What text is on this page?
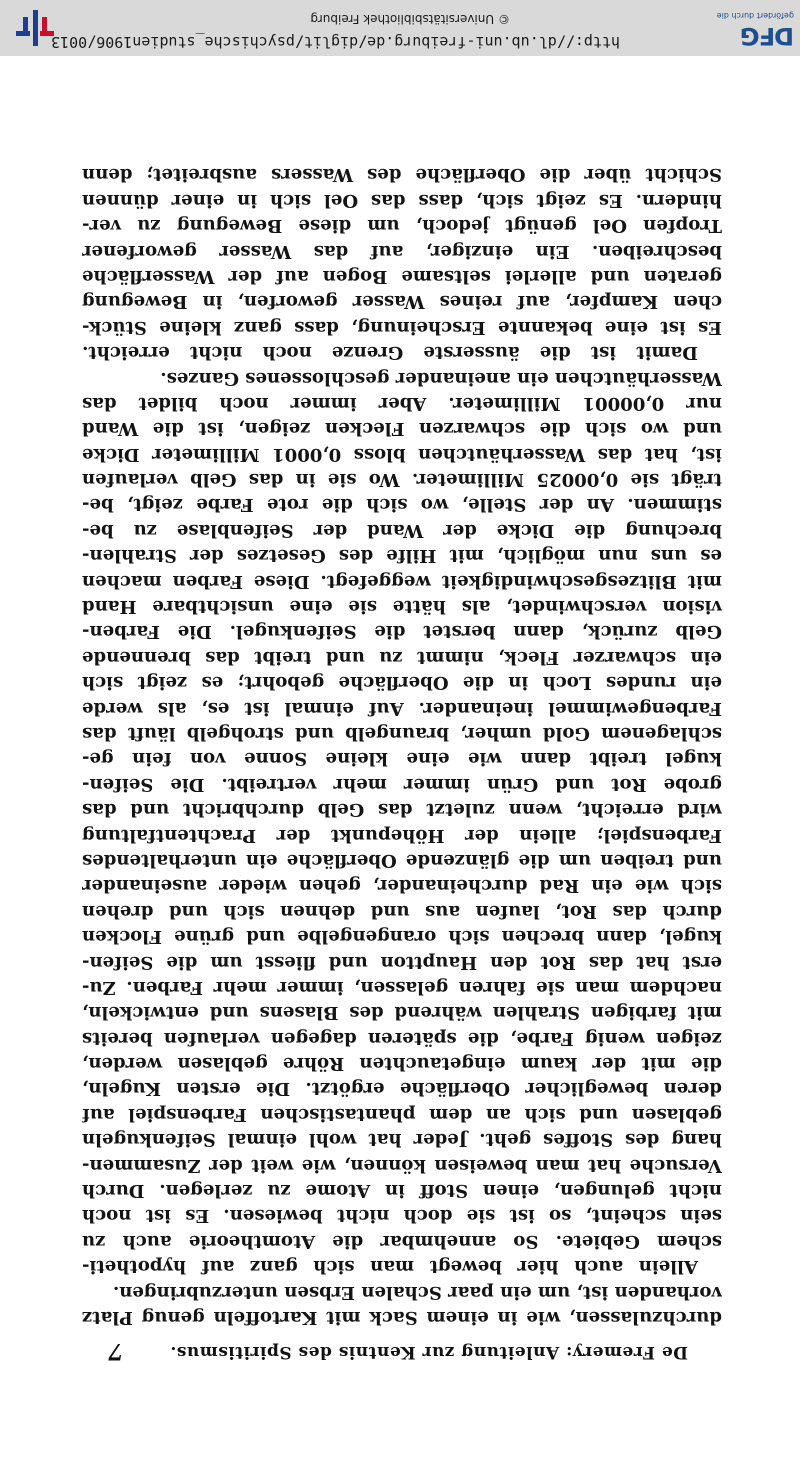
De Fremery: Anleitung zur Kentnis des Spiritismus.
7
durchzulassen, wie in einem Sack mit Kartoffeln genug Platz
vorhanden ist, um ein paar Schalen Erbsen unterzubringen.
Allein auch hier bewegt man sich ganz auf hypotheti-
schem Gebiete. So annehmbar die Atomtheorie auch zu
sein scheint, so ist sie doch nicht bewiesen. Es ist noch
nicht gelungen, einen Stoff in Atome zu zerlegen. Durch
Versuche hat man beweisen können, wie weit der Zusammen-
hang des Stoffes geht. Jeder hat wohl einmal Seifenkugeln
geblasen und sich an dem phantastischen Farbenspiel auf
deren beweglicher Oberfläche ergötzt. Die ersten Kugeln,
die mit der kaum eingetauchten Röhre geblasen werden,
zeigen wenig Farbe, die späteren dagegen verlaufen bereits
mit farbigen Strahlen während des Blasens und entwickeln,
nachdem man sie fahren gelassen, immer mehr Farben. Zu-
erst hat das Rot den Hauptton und fliesst um die Seifen-
kugel, dann brechen sich orangengelbe und grüne Flocken
durch das Rot, laufen aus und dehnen sich und drehen
sich wie ein Rad durcheinander, gehen wieder auseinander
und treiben um die glänzende Oberfläche ein unterhaltendes
Farbenspiel; allein der Höhepunkt der Prachtentfaltung
wird erreicht, wenn zuletzt das Gelb durchbricht und das
grobe Rot und Grün immer mehr vertreibt. Die Seifen-
kugel treibt dann wie eine kleine Sonne von fein ge-
schlagenem Gold umher, braungelb und strohgelb läuft das
Farbengewimmel ineinander. Auf einmal ist es, als werde
ein rundes Loch in die Oberfläche gebohrt; es zeigt sich
ein schwarzer Fleck, nimmt zu und treibt das brennende
Gelb zurück, dann berstet die Seifenkugel. Die Farben-
vision verschwindet, als hätte sie eine unsichtbare Hand
mit Blitzesgeschwindigkeit weggefegt. Diese Farben machen
es uns nun möglich, mit Hilfe des Gesetzes der Strahlen-
brechung die Dicke der Wand der Seifenblase zu be-
stimmen. An der Stelle, wo sich die rote Farbe zeigt, be-
trägt sie 0,00025 Millimeter. Wo sie in das Gelb verlaufen
ist, hat das Wasserhäutchen bloss 0,0001 Millimeter Dicke
und wo sich die schwarzen Flecken zeigen, ist die Wand
nur 0,00001 Millimeter. Aber immer noch bildet das
Wasserhäutchen ein aneinander geschlossenes Ganzes.
Damit ist die äusserste Grenze noch nicht erreicht.
Es ist eine bekannte Erscheinung, dass ganz kleine Stück-
chen Kampfer, auf reines Wasser geworfen, in Bewegung
geraten und allerlei seltsame Bogen auf der Wasserfläche
beschreiben. Ein einziger, auf das Wasser geworfener
Tropfen Oel genügt jedoch, um diese Bewegung zu ver-
hindern. Es zeigt sich, dass das Oel sich in einer dünnen
Schicht über die Oberfläche des Wassers ausbreitet; denn
http://dl.ub.uni-freiburg.de/diglit/psychische_studien1906/0013
© Universitätsbibliothek Freiburg
DFG
gefördert durch die
